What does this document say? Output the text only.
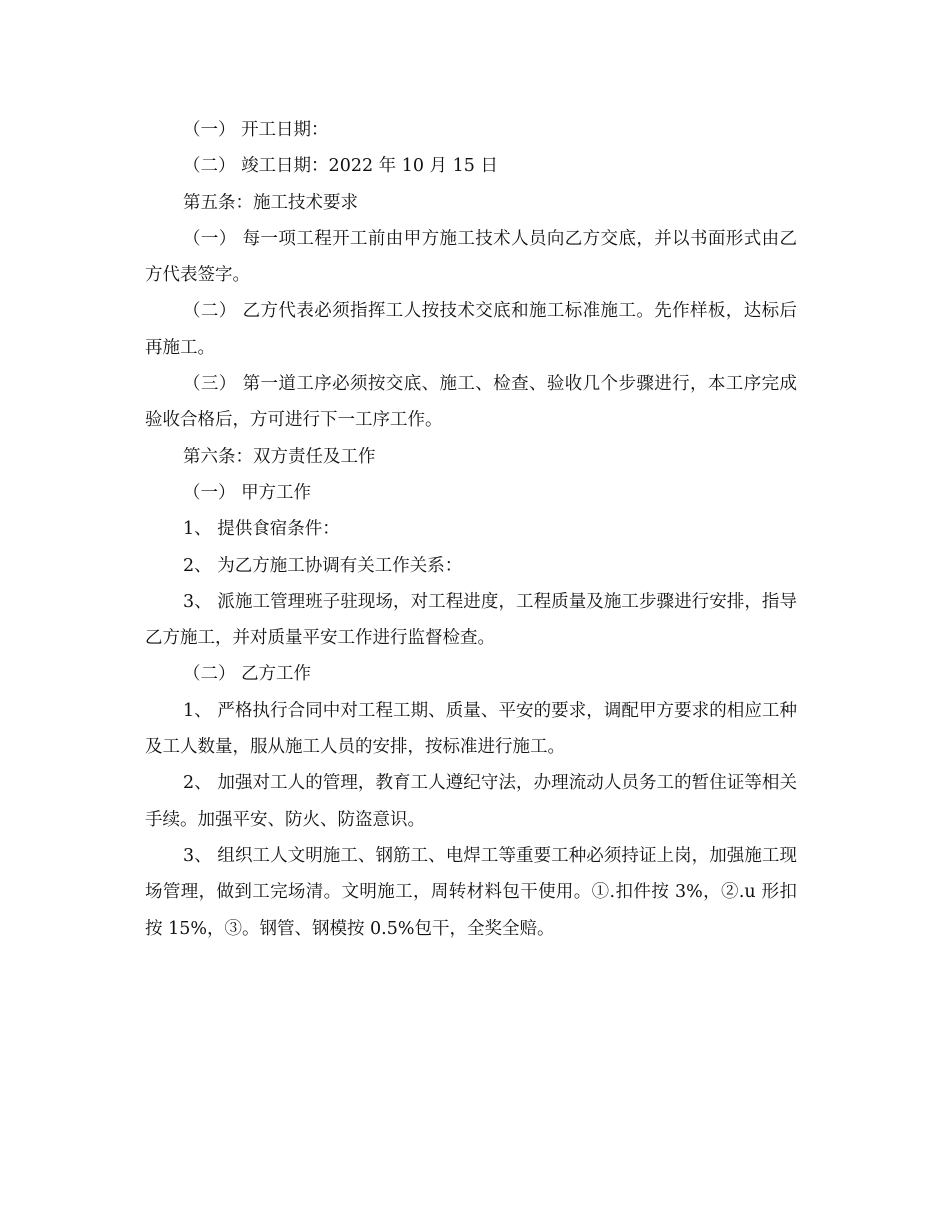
（一） 开工日期：

（二） 竣工日期：2022 年 10 月 15 日

第五条：施工技术要求

（一） 每一项工程开工前由甲方施工技术人员向乙方交底，并以书面形式由乙方代表签字。

（二） 乙方代表必须指挥工人按技术交底和施工标准施工。先作样板，达标后再施工。

（三） 第一道工序必须按交底、施工、检查、验收几个步骤进行，本工序完成验收合格后，方可进行下一工序工作。

第六条：双方责任及工作

（一） 甲方工作

1、 提供食宿条件：

2、 为乙方施工协调有关工作关系：

3、 派施工管理班子驻现场，对工程进度，工程质量及施工步骤进行安排，指导乙方施工，并对质量平安工作进行监督检查。

（二） 乙方工作

1、 严格执行合同中对工程工期、质量、平安的要求，调配甲方要求的相应工种及工人数量，服从施工人员的安排，按标准进行施工。

2、 加强对工人的管理，教育工人遵纪守法，办理流动人员务工的暂住证等相关手续。加强平安、防火、防盗意识。

3、 组织工人文明施工、钢筋工、电焊工等重要工种必须持证上岗，加强施工现场管理，做到工完场清。文明施工，周转材料包干使用。①.扣件按 3%，②.u 形扣按 15%，③。钢管、钢模按 0.5%包干，全奖全赔。
